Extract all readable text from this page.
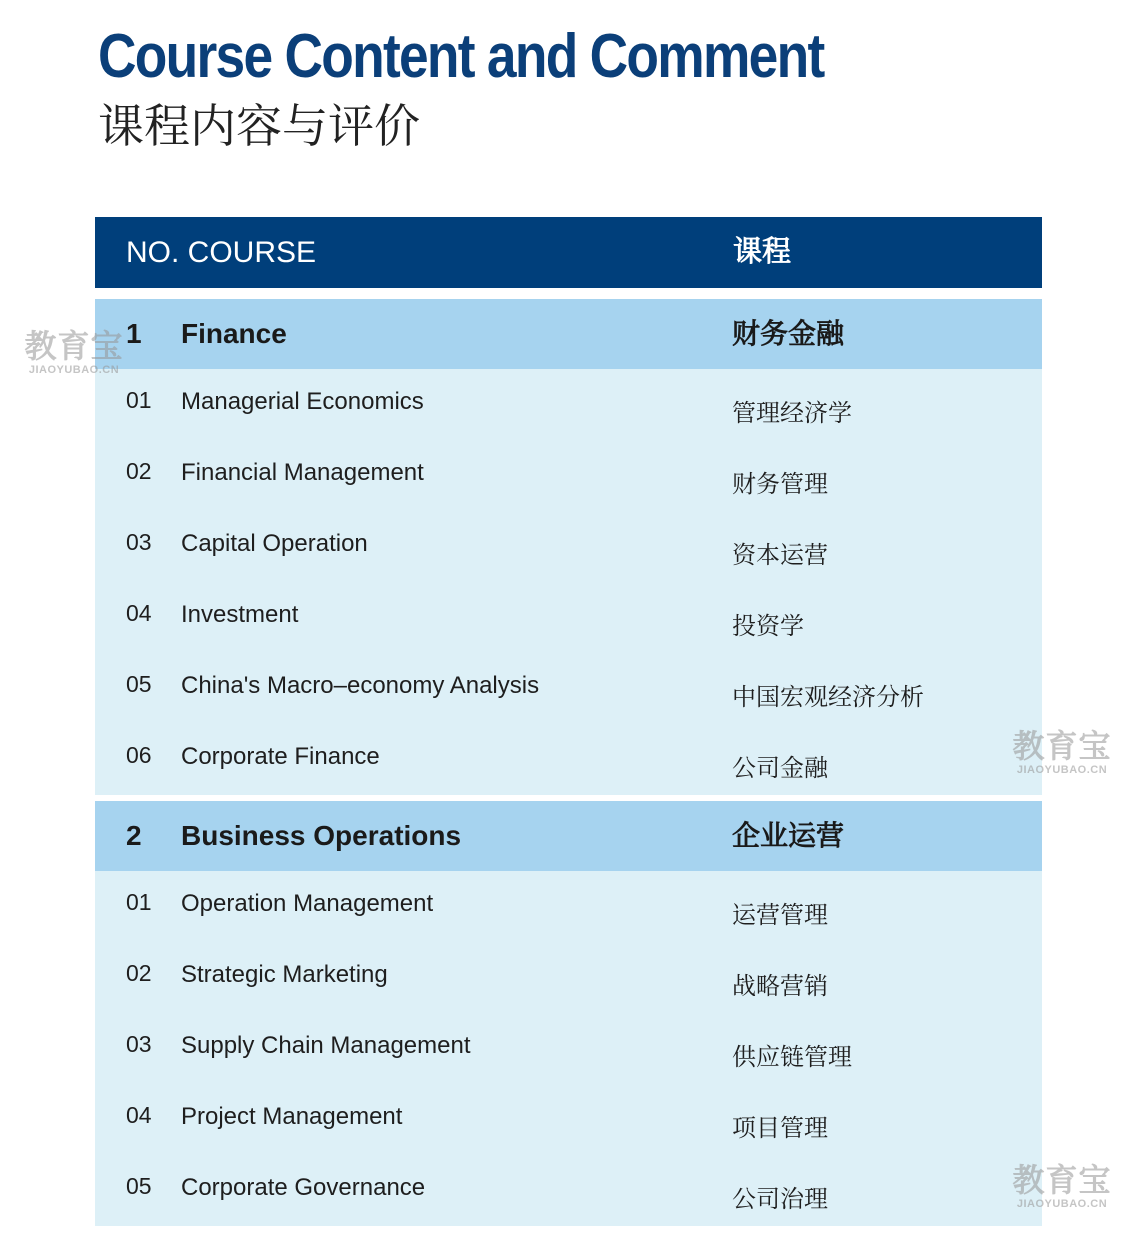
Course Content and Comment
课程内容与评价
NO. COURSE	课程
1 Finance	财务金融
01 Managerial Economics	管理经济学
02 Financial Management	财务管理
03 Capital Operation	资本运营
04 Investment	投资学
05 China's Macro–economy Analysis	中国宏观经济分析
06 Corporate Finance	公司金融
2 Business Operations	企业运营
01 Operation Management	运营管理
02 Strategic Marketing	战略营销
03 Supply Chain Management	供应链管理
04 Project Management	项目管理
05 Corporate Governance	公司治理
教育宝
JIAOYUBAO.CN
教育宝
JIAOYUBAO.CN
教育宝
JIAOYUBAO.CN
